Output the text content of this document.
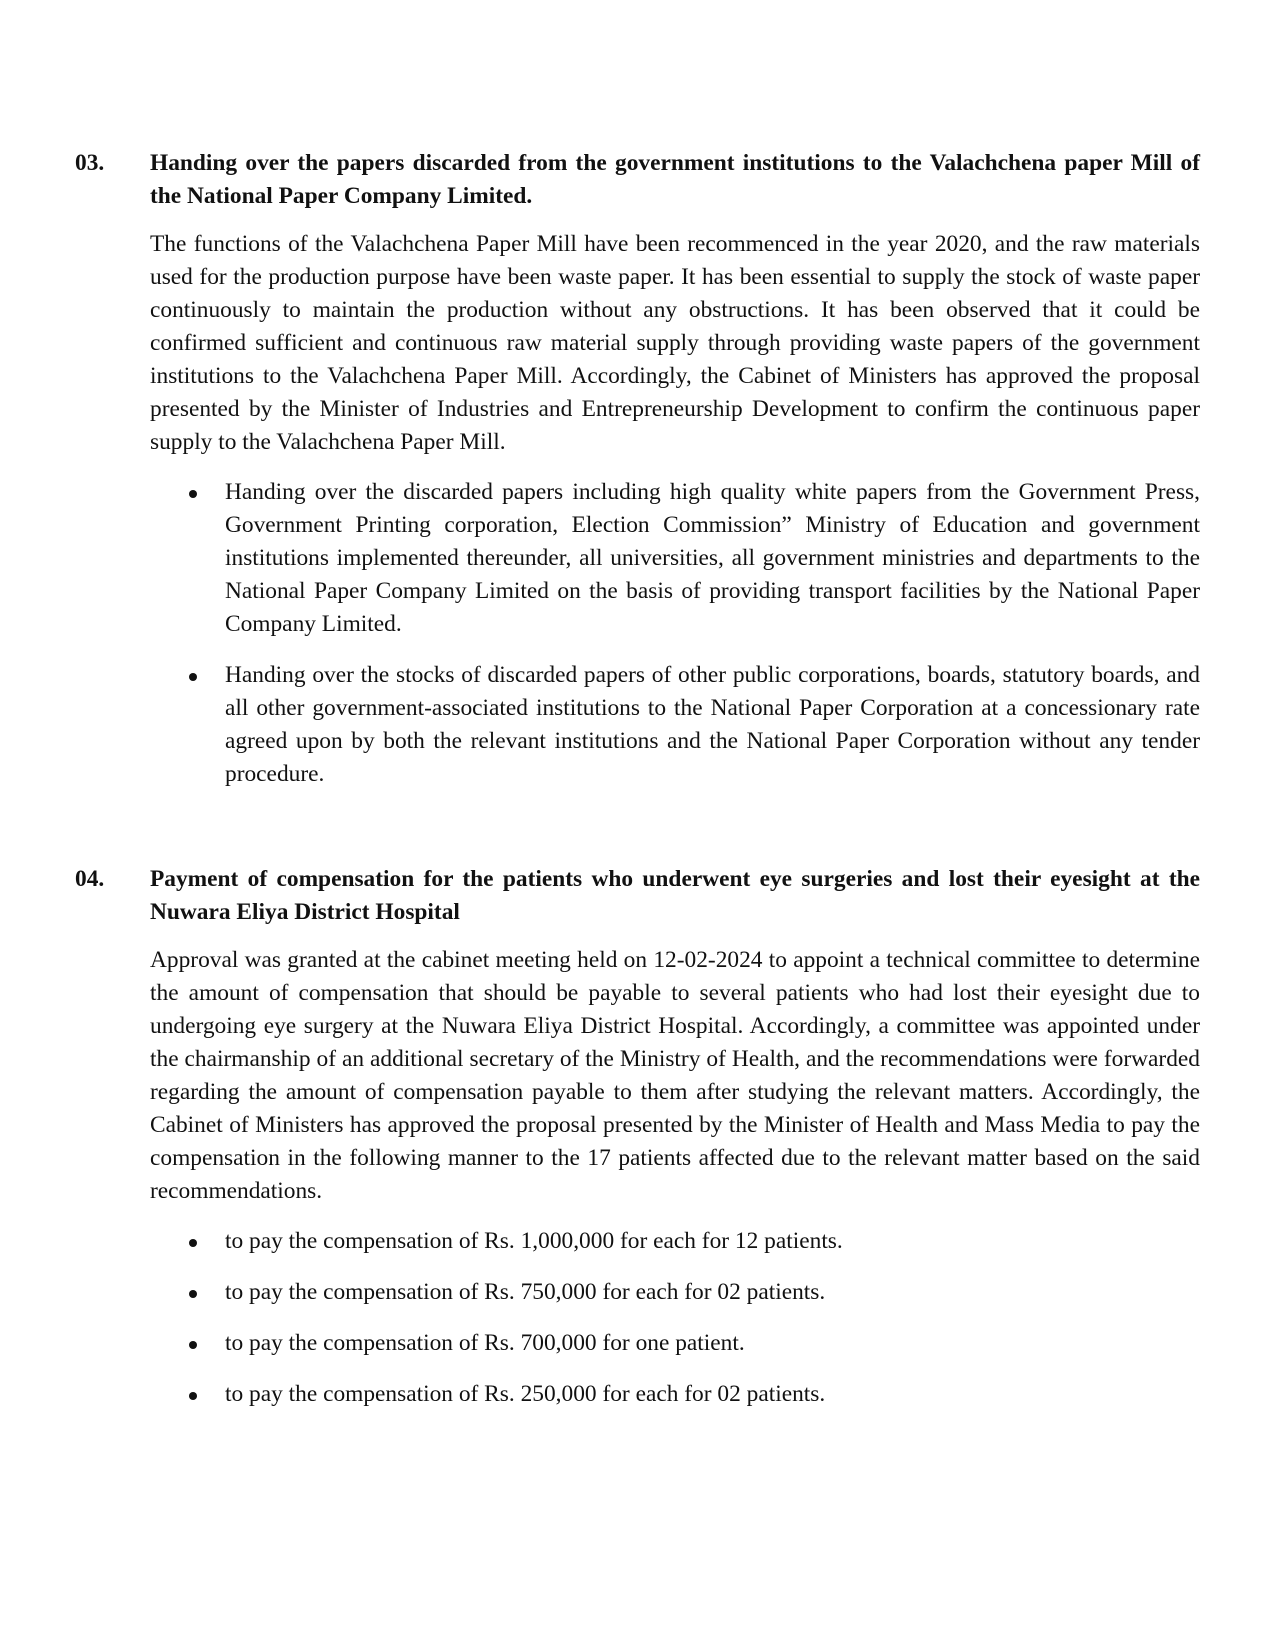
03. Handing over the papers discarded from the government institutions to the Valachchena paper Mill of the National Paper Company Limited.
The functions of the Valachchena Paper Mill have been recommenced in the year 2020, and the raw materials used for the production purpose have been waste paper. It has been essential to supply the stock of waste paper continuously to maintain the production without any obstructions. It has been observed that it could be confirmed sufficient and continuous raw material supply through providing waste papers of the government institutions to the Valachchena Paper Mill. Accordingly, the Cabinet of Ministers has approved the proposal presented by the Minister of Industries and Entrepreneurship Development to confirm the continuous paper supply to the Valachchena Paper Mill.
Handing over the discarded papers including high quality white papers from the Government Press, Government Printing corporation, Election Commission” Ministry of Education and government institutions implemented thereunder, all universities, all government ministries and departments to the National Paper Company Limited on the basis of providing transport facilities by the National Paper Company Limited.
Handing over the stocks of discarded papers of other public corporations, boards, statutory boards, and all other government-associated institutions to the National Paper Corporation at a concessionary rate agreed upon by both the relevant institutions and the National Paper Corporation without any tender procedure.
04. Payment of compensation for the patients who underwent eye surgeries and lost their eyesight at the Nuwara Eliya District Hospital
Approval was granted at the cabinet meeting held on 12-02-2024 to appoint a technical committee to determine the amount of compensation that should be payable to several patients who had lost their eyesight due to undergoing eye surgery at the Nuwara Eliya District Hospital. Accordingly, a committee was appointed under the chairmanship of an additional secretary of the Ministry of Health, and the recommendations were forwarded regarding the amount of compensation payable to them after studying the relevant matters. Accordingly, the Cabinet of Ministers has approved the proposal presented by the Minister of Health and Mass Media to pay the compensation in the following manner to the 17 patients affected due to the relevant matter based on the said recommendations.
to pay the compensation of Rs. 1,000,000 for each for 12 patients.
to pay the compensation of Rs. 750,000 for each for 02 patients.
to pay the compensation of Rs. 700,000 for one patient.
to pay the compensation of Rs. 250,000 for each for 02 patients.
